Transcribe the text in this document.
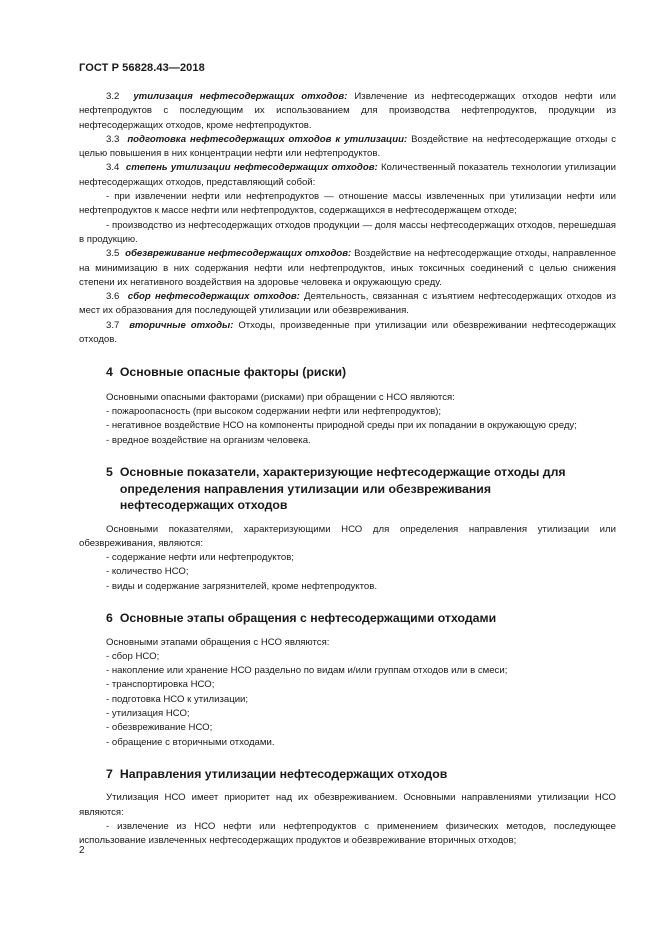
ГОСТ Р 56828.43—2018

3.2 утилизация нефтесодержащих отходов: Извлечение из нефтесодержащих отходов нефти или нефтепродуктов с последующим их использованием для производства нефтепродуктов, продукции из нефтесодержащих отходов, кроме нефтепродуктов.

3.3 подготовка нефтесодержащих отходов к утилизации: Воздействие на нефтесодержащие отходы с целью повышения в них концентрации нефти или нефтепродуктов.

3.4 степень утилизации нефтесодержащих отходов: Количественный показатель технологии утилизации нефтесодержащих отходов, представляющий собой:

- при извлечении нефти или нефтепродуктов — отношение массы извлеченных при утилизации нефти или нефтепродуктов к массе нефти или нефтепродуктов, содержащихся в нефтесодержащем отходе;

- производство из нефтесодержащих отходов продукции — доля массы нефтесодержащих отходов, перешедшая в продукцию.

3.5 обезвреживание нефтесодержащих отходов: Воздействие на нефтесодержащие отходы, направленное на минимизацию в них содержания нефти или нефтепродуктов, иных токсичных соединений с целью снижения степени их негативного воздействия на здоровье человека и окружающую среду.

3.6 сбор нефтесодержащих отходов: Деятельность, связанная с изъятием нефтесодержащих отходов из мест их образования для последующей утилизации или обезвреживания.

3.7 вторичные отходы: Отходы, произведенные при утилизации или обезвреживании нефтесодержащих отходов.

4 Основные опасные факторы (риски)

Основными опасными факторами (рисками) при обращении с НСО являются:

- пожароопасность (при высоком содержании нефти или нефтепродуктов);

- негативное воздействие НСО на компоненты природной среды при их попадании в окружающую среду;

- вредное воздействие на организм человека.

5 Основные показатели, характеризующие нефтесодержащие отходы для определения направления утилизации или обезвреживания нефтесодержащих отходов

Основными показателями, характеризующими НСО для определения направления утилизации или обезвреживания, являются:

- содержание нефти или нефтепродуктов;

- количество НСО;

- виды и содержание загрязнителей, кроме нефтепродуктов.

6 Основные этапы обращения с нефтесодержащими отходами

Основными этапами обращения с НСО являются:

- сбор НСО;

- накопление или хранение НСО раздельно по видам и/или группам отходов или в смеси;

- транспортировка НСО;

- подготовка НСО к утилизации;

- утилизация НСО;

- обезвреживание НСО;

- обращение с вторичными отходами.

7 Направления утилизации нефтесодержащих отходов

Утилизация НСО имеет приоритет над их обезвреживанием. Основными направлениями утилизации НСО являются:

- извлечение из НСО нефти или нефтепродуктов с применением физических методов, последующее использование извлеченных нефтесодержащих продуктов и обезвреживание вторичных отходов;

2
